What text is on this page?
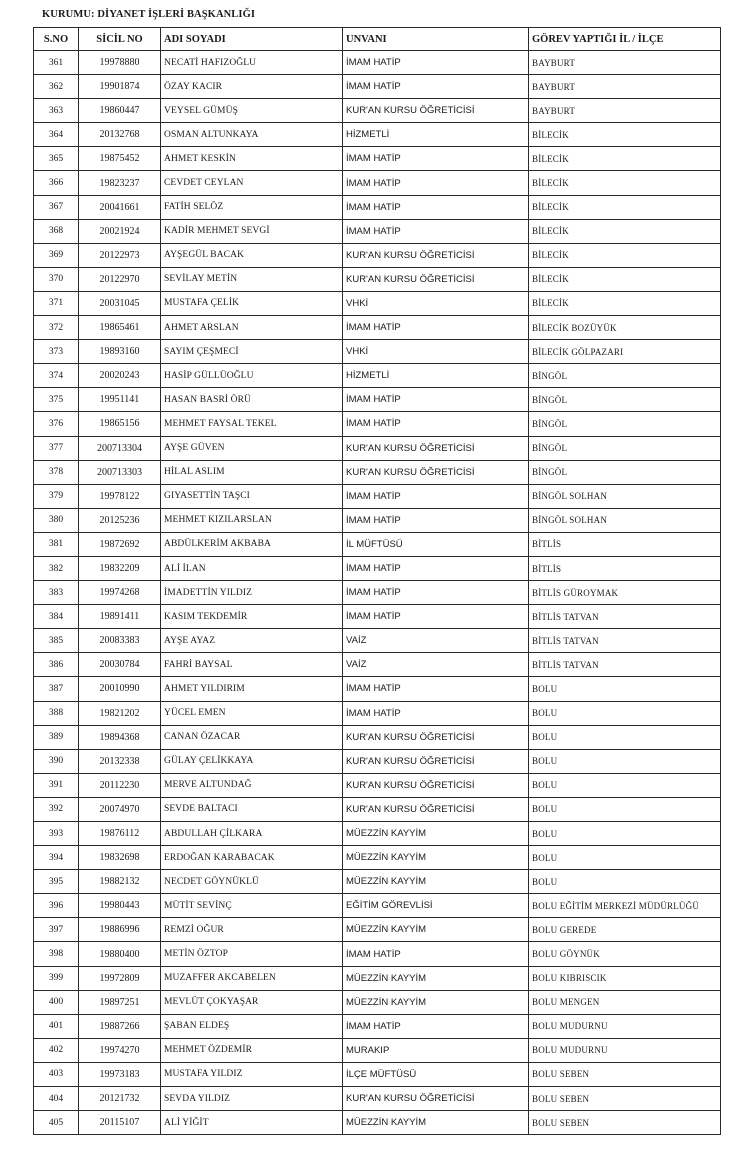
KURUMU: DİYANET İŞLERİ BAŞKANLIĞI
S.NO	SİCİL NO	ADI SOYADI	UNVANI	GÖREV YAPTIĞI İL / İLÇE
361	19978880	NECATİ HAFIZOĞLU	İMAM HATİP	BAYBURT
362	19901874	ÖZAY KACIR	İMAM HATİP	BAYBURT
363	19860447	VEYSEL GÜMÜŞ	KUR'AN KURSU ÖĞRETİCİSİ	BAYBURT
364	20132768	OSMAN ALTUNKAYA	HİZMETLİ	BİLECİK
365	19875452	AHMET KESKİN	İMAM HATİP	BİLECİK
366	19823237	CEVDET CEYLAN	İMAM HATİP	BİLECİK
367	20041661	FATİH SELÖZ	İMAM HATİP	BİLECİK
368	20021924	KADİR MEHMET SEVGİ	İMAM HATİP	BİLECİK
369	20122973	AYŞEGÜL BACAK	KUR'AN KURSU ÖĞRETİCİSİ	BİLECİK
370	20122970	SEVİLAY METİN	KUR'AN KURSU ÖĞRETİCİSİ	BİLECİK
371	20031045	MUSTAFA ÇELİK	VHKİ	BİLECİK
372	19865461	AHMET ARSLAN	İMAM HATİP	BİLECİK BOZÜYÜK
373	19893160	SAYIM ÇEŞMECİ	VHKİ	BİLECİK GÖLPAZARI
374	20020243	HASİP GÜLLÜOĞLU	HİZMETLİ	BİNGÖL
375	19951141	HASAN BASRİ ÖRÜ	İMAM HATİP	BİNGÖL
376	19865156	MEHMET FAYSAL TEKEL	İMAM HATİP	BİNGÖL
377	200713304	AYŞE GÜVEN	KUR'AN KURSU ÖĞRETİCİSİ	BİNGÖL
378	200713303	HİLAL ASLIM	KUR'AN KURSU ÖĞRETİCİSİ	BİNGÖL
379	19978122	GIYASETTİN TAŞCI	İMAM HATİP	BİNGÖL SOLHAN
380	20125236	MEHMET KIZILARSLAN	İMAM HATİP	BİNGÖL SOLHAN
381	19872692	ABDÜLKERİM AKBABA	İL MÜFTÜSÜ	BİTLİS
382	19832209	ALİ İLAN	İMAM HATİP	BİTLİS
383	19974268	İMADETTİN YILDIZ	İMAM HATİP	BİTLİS GÜROYMAK
384	19891411	KASIM TEKDEMİR	İMAM HATİP	BİTLİS TATVAN
385	20083383	AYŞE AYAZ	VAİZ	BİTLİS TATVAN
386	20030784	FAHRİ BAYSAL	VAİZ	BİTLİS TATVAN
387	20010990	AHMET YILDIRIM	İMAM HATİP	BOLU
388	19821202	YÜCEL EMEN	İMAM HATİP	BOLU
389	19894368	CANAN ÖZACAR	KUR'AN KURSU ÖĞRETİCİSİ	BOLU
390	20132338	GÜLAY ÇELİKKAYA	KUR'AN KURSU ÖĞRETİCİSİ	BOLU
391	20112230	MERVE ALTUNDAĞ	KUR'AN KURSU ÖĞRETİCİSİ	BOLU
392	20074970	SEVDE BALTACI	KUR'AN KURSU ÖĞRETİCİSİ	BOLU
393	19876112	ABDULLAH ÇİLKARA	MÜEZZİN KAYYİM	BOLU
394	19832698	ERDOĞAN KARABACAK	MÜEZZİN KAYYİM	BOLU
395	19882132	NECDET GÖYNÜKLÜ	MÜEZZİN KAYYİM	BOLU
396	19980443	MÜTİT SEVİNÇ	EĞİTİM GÖREVLİSİ	BOLU EĞİTİM MERKEZİ MÜDÜRLÜĞÜ
397	19886996	REMZİ OĞUR	MÜEZZİN KAYYİM	BOLU GEREDE
398	19880400	METİN ÖZTOP	İMAM HATİP	BOLU GÖYNÜK
399	19972809	MUZAFFER AKCABELEN	MÜEZZİN KAYYİM	BOLU KIBRISCIK
400	19897251	MEVLÜT ÇOKYAŞAR	MÜEZZİN KAYYİM	BOLU MENGEN
401	19887266	ŞABAN ELDEŞ	İMAM HATİP	BOLU MUDURNU
402	19974270	MEHMET ÖZDEMİR	MURAKIP	BOLU MUDURNU
403	19973183	MUSTAFA YILDIZ	İLÇE MÜFTÜSÜ	BOLU SEBEN
404	20121732	SEVDA YILDIZ	KUR'AN KURSU ÖĞRETİCİSİ	BOLU SEBEN
405	20115107	ALİ YİĞİT	MÜEZZİN KAYYİM	BOLU SEBEN
